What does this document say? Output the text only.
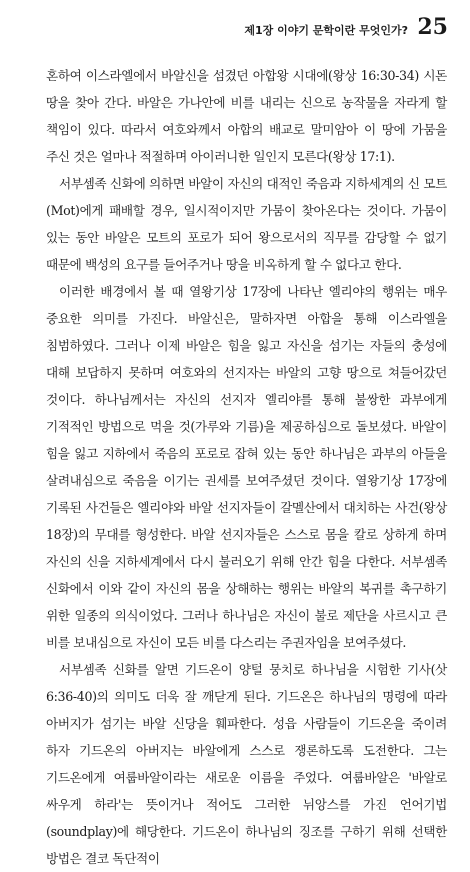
제1장 이야기 문학이란 무엇인가? 25

혼하여 이스라엘에서 바알신을 섬겼던 아합왕 시대에(왕상 16:30-34) 시돈 땅을 찾아 간다. 바알은 가나안에 비를 내리는 신으로 농작물을 자라게 할 책임이 있다. 따라서 여호와께서 아합의 배교로 말미암아 이 땅에 가뭄을 주신 것은 얼마나 적절하며 아이러니한 일인지 모른다(왕상 17:1).

서부셈족 신화에 의하면 바알이 자신의 대적인 죽음과 지하세계의 신 모트(Mot)에게 패배할 경우, 일시적이지만 가뭄이 찾아온다는 것이다. 가뭄이 있는 동안 바알은 모트의 포로가 되어 왕으로서의 직무를 감당할 수 없기 때문에 백성의 요구를 들어주거나 땅을 비옥하게 할 수 없다고 한다.

이러한 배경에서 볼 때 열왕기상 17장에 나타난 엘리야의 행위는 매우 중요한 의미를 가진다. 바알신은, 말하자면 아합을 통해 이스라엘을 침범하였다. 그러나 이제 바알은 힘을 잃고 자신을 섬기는 자들의 충성에 대해 보답하지 못하며 여호와의 선지자는 바알의 고향 땅으로 쳐들어갔던 것이다. 하나님께서는 자신의 선지자 엘리야를 통해 불쌍한 과부에게 기적적인 방법으로 먹을 것(가루와 기름)을 제공하심으로 돌보셨다. 바알이 힘을 잃고 지하에서 죽음의 포로로 잡혀 있는 동안 하나님은 과부의 아들을 살려내심으로 죽음을 이기는 권세를 보여주셨던 것이다. 열왕기상 17장에 기록된 사건들은 엘리야와 바알 선지자들이 갈멜산에서 대치하는 사건(왕상 18장)의 무대를 형성한다. 바알 선지자들은 스스로 몸을 칼로 상하게 하며 자신의 신을 지하세계에서 다시 불러오기 위해 안간 힘을 다한다. 서부셈족 신화에서 이와 같이 자신의 몸을 상해하는 행위는 바알의 복귀를 촉구하기 위한 일종의 의식이었다. 그러나 하나님은 자신이 불로 제단을 사르시고 큰 비를 보내심으로 자신이 모든 비를 다스리는 주권자임을 보여주셨다.

서부셈족 신화를 알면 기드온이 양털 뭉치로 하나님을 시험한 기사(삿 6:36-40)의 의미도 더욱 잘 깨닫게 된다. 기드온은 하나님의 명령에 따라 아버지가 섬기는 바알 신당을 훼파한다. 성읍 사람들이 기드온을 죽이려 하자 기드온의 아버지는 바알에게 스스로 쟁론하도록 도전한다. 그는 기드온에게 여룹바알이라는 새로운 이름을 주었다. 여룹바알은 '바알로 싸우게 하라'는 뜻이거나 적어도 그러한 뉘앙스를 가진 언어기법(soundplay)에 해당한다. 기드온이 하나님의 징조를 구하기 위해 선택한 방법은 결코 독단적이
